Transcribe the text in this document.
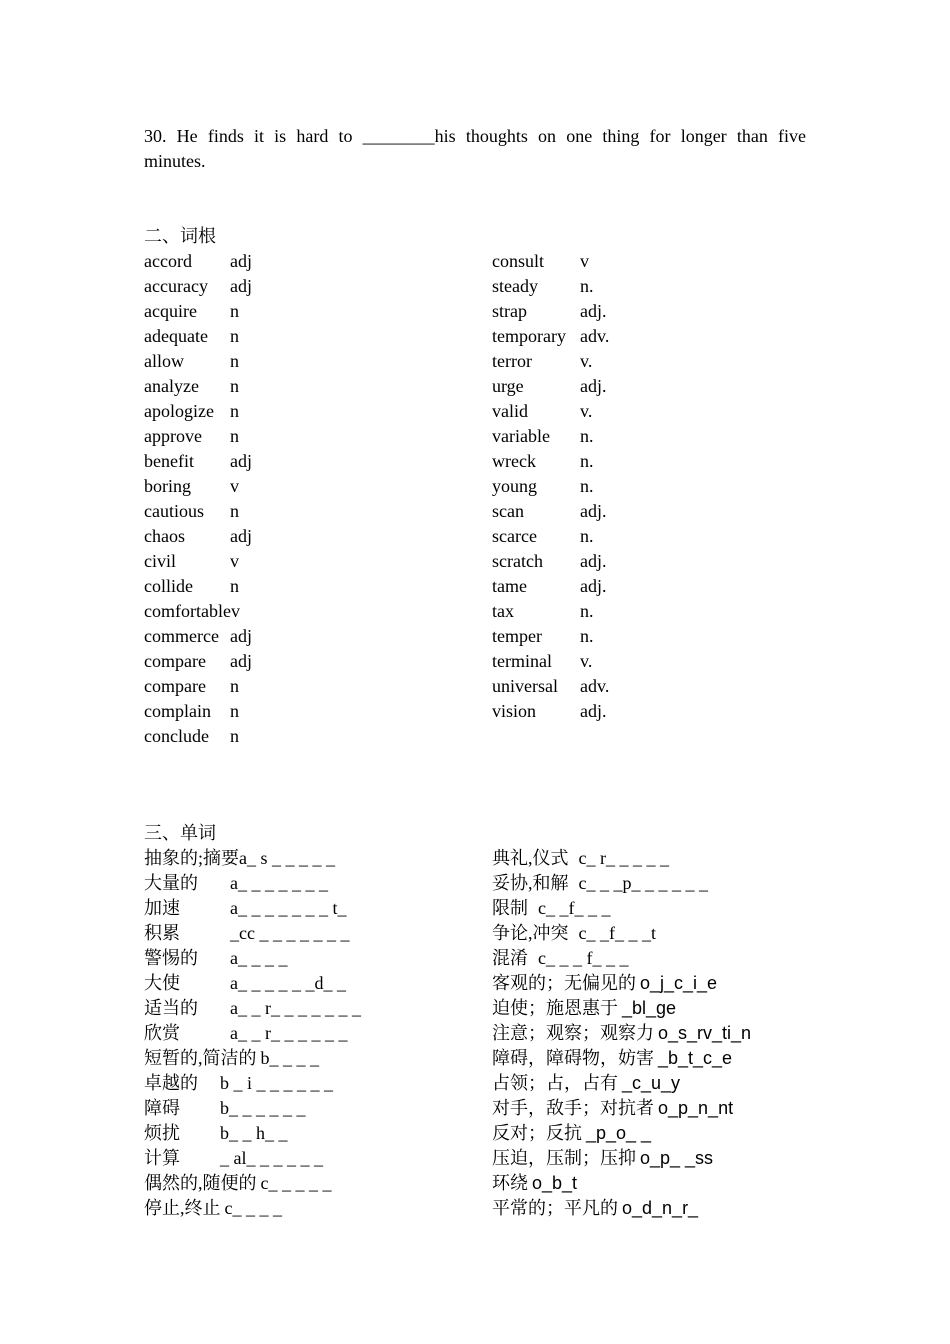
30. He finds it is hard to ________his thoughts on one thing for longer than five
minutes.
二、词根
accord adj
accuracy adj
acquire n
adequate n
allow	n
analyze n
apologize n
approve n
benefit adj
boring v
cautious n
chaos	adj
civil	v
collide n
comfortablev
commerce adj
compare adj
compare n
complain n
conclude n
consult v
steady n.
strap	adj.
temporary adv.
terror	v.
urge	adj.
valid	v.
variable n.
wreck n.
young n.
scan	adj.
scarce n.
scratch adj.
tame	adj.
tax	n.
temper n.
terminal v.
universal adv.
vision adj.
三、单词
抽象的;摘要a_ s _ _ _ _ _
大量的 a_ _ _ _ _ _ _
加速	a_ _ _ _ _ _ _ t_
积累	_cc _ _ _ _ _ _ _
警惕的 a_ _ _ _
大使	a_ _ _ _ _ _d_ _
适当的 a_ _ r_ _ _ _ _ _ _
欣赏	a_ _ r_ _ _ _ _ _
短暂的,简洁的 b_ _ _ _
卓越的 b _ i _ _ _ _ _ _
障碍 b_ _ _ _ _ _
烦扰 b_ _ h_ _
计算 _ al_ _ _ _ _ _
偶然的,随便的 c_ _ _ _ _
停止,终止 c_ _ _ _
典礼,仪式 c_ r_ _ _ _ _
妥协,和解 c_ _ _p_ _ _ _ _ _
限制 c_ _f_ _ _
争论,冲突 c_ _f_ _ _t
混淆 c_ _ _ f_ _ _
客观的；无偏见的 o_j_c_i_e
迫使；施恩惠于 _bl_ge
注意；观察；观察力 o_s_rv_ti_n
障碍，障碍物，妨害 _b_t_c_e
占领；占，占有 _c_u_y
对手，敌手；对抗者 o_p_n_nt
反对；反抗 _p_o_ _
压迫，压制；压抑 o_p_ _ss
环绕 o_b_t
平常的；平凡的 o_d_n_r_
